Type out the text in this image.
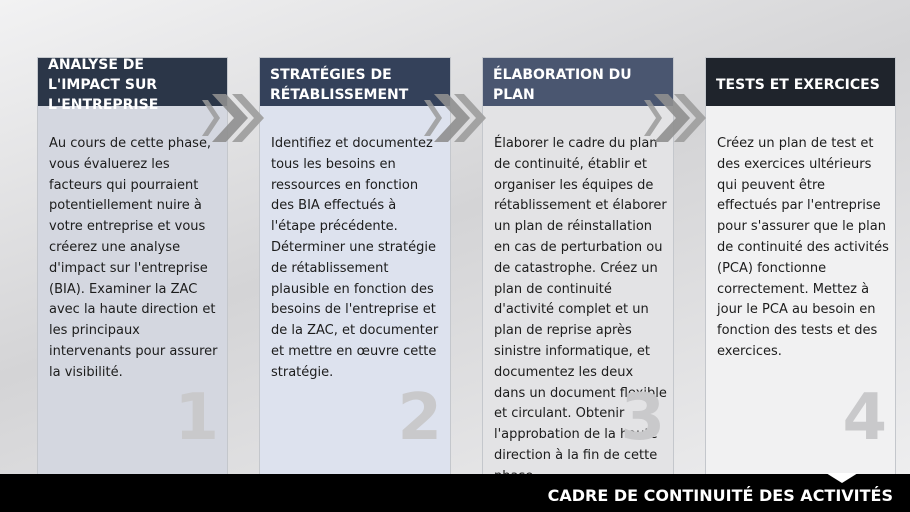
ANALYSE DE L'IMPACT SUR L'ENTREPRISE
Au cours de cette phase, vous évaluerez les facteurs qui pourraient potentiellement nuire à votre entreprise et vous créerez une analyse d'impact sur l'entreprise (BIA). Examiner la ZAC avec la haute direction et les principaux intervenants pour assurer la visibilité.
1
STRATÉGIES DE RÉTABLISSEMENT
Identifiez et documentez tous les besoins en ressources en fonction des BIA effectués à l'étape précédente. Déterminer une stratégie de rétablissement plausible en fonction des besoins de l'entreprise et de la ZAC, et documenter et mettre en œuvre cette stratégie.
2
ÉLABORATION DU PLAN
Élaborer le cadre du plan de continuité, établir et organiser les équipes de rétablissement et élaborer un plan de réinstallation en cas de perturbation ou de catastrophe. Créez un plan de continuité d'activité complet et un plan de reprise après sinistre informatique, et documentez les deux dans un document flexible et circulant. Obtenir l'approbation de la haute direction à la fin de cette
3
TESTS ET EXERCICES
Créez un plan de test et des exercices ultérieurs qui peuvent être effectués par l'entreprise pour s'assurer que le plan de continuité des activités (PCA) fonctionne correctement. Mettez à jour le PCA au besoin en fonction des tests et des exercices.
4
CADRE DE CONTINUITÉ DES ACTIVITÉS
